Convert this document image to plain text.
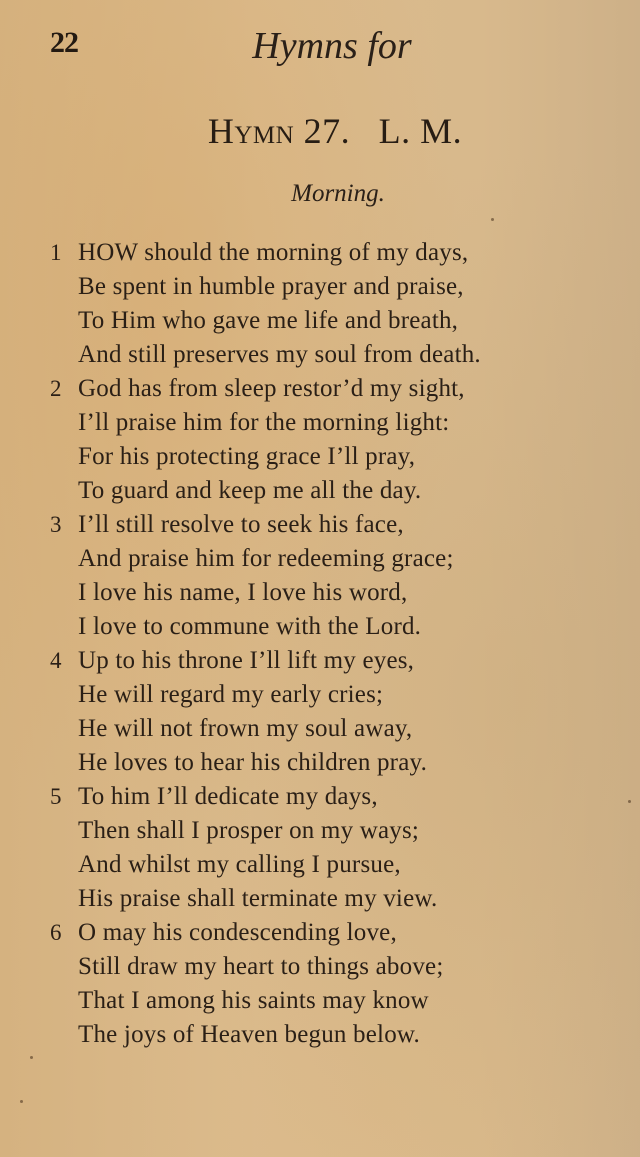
22	Hymns for
Hymn 27. L. M.
Morning.
1 HOW should the morning of my days,
Be spent in humble prayer and praise,
To Him who gave me life and breath,
And still preserves my soul from death.
2 God has from sleep restor’d my sight,
I’ll praise him for the morning light:
For his protecting grace I’ll pray,
To guard and keep me all the day.
3 I’ll still resolve to seek his face,
And praise him for redeeming grace;
I love his name, I love his word,
I love to commune with the Lord.
4 Up to his throne I’ll lift my eyes,
He will regard my early cries;
He will not frown my soul away,
He loves to hear his children pray.
5 To him I’ll dedicate my days,
Then shall I prosper on my ways;
And whilst my calling I pursue,
His praise shall terminate my view.
6 O may his condescending love,
Still draw my heart to things above;
That I among his saints may know
The joys of Heaven begun below.
